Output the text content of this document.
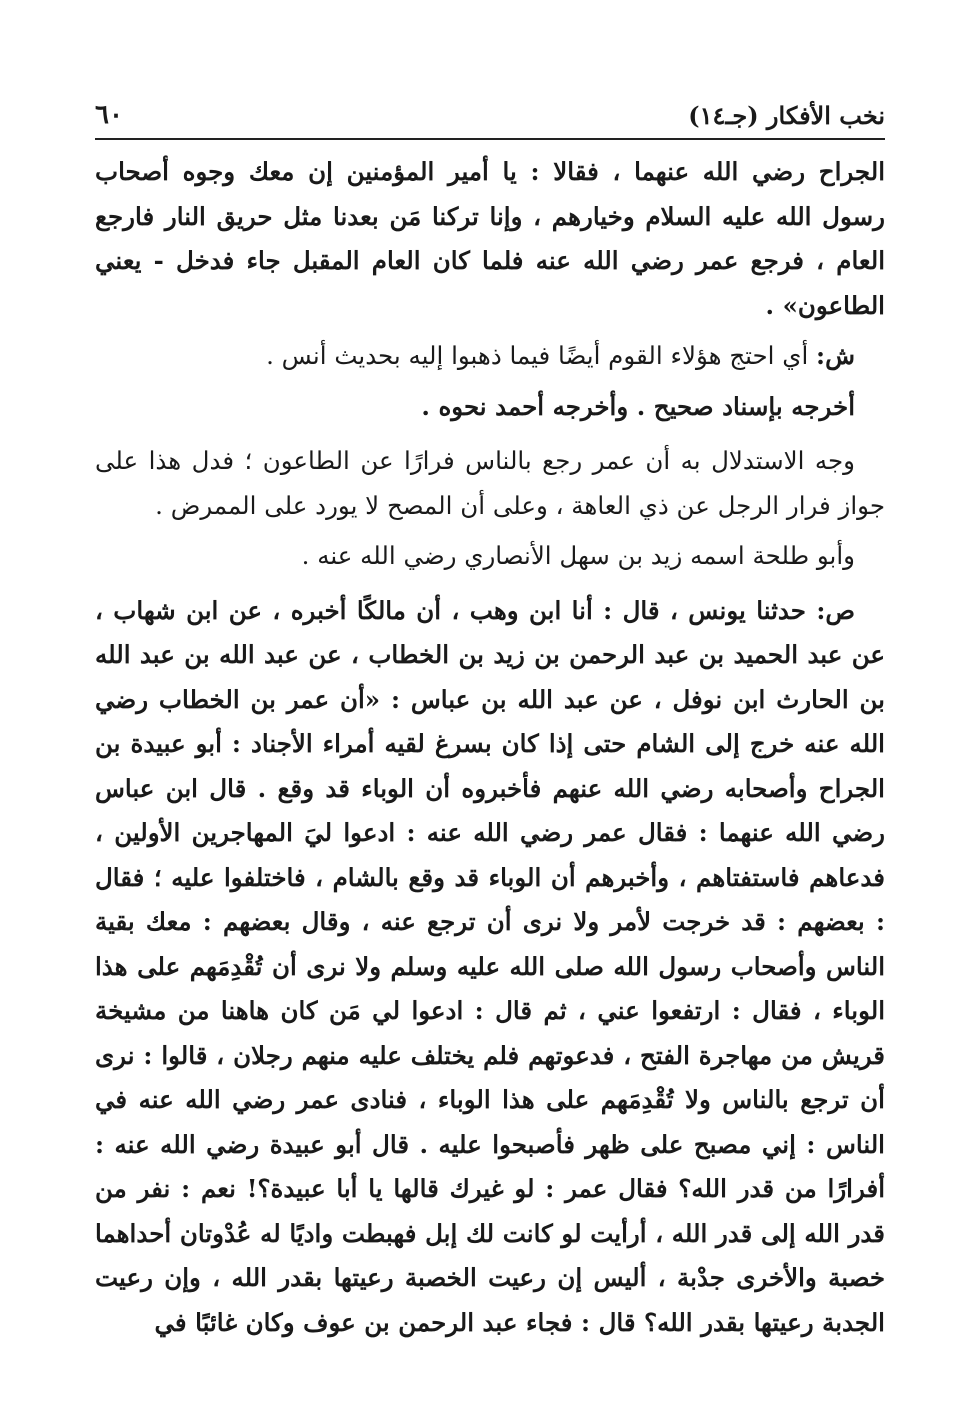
نخب الأفكار (جـ١٤)
٦٠

الجراح رضي الله عنهما ، فقالا : يا أمير المؤمنين إن معك وجوه أصحاب رسول الله عليه السلام وخيارهم ، وإنا تركنا مَن بعدنا مثل حريق النار فارجع العام ، فرجع عمر رضي الله عنه فلما كان العام المقبل جاء فدخل - يعني الطاعون» .

ش: أي احتج هؤلاء القوم أيضًا فيما ذهبوا إليه بحديث أنس .

أخرجه بإسناد صحيح . وأخرجه أحمد نحوه .

وجه الاستدلال به أن عمر رجع بالناس فرارًا عن الطاعون ؛ فدل هذا على جواز فرار الرجل عن ذي العاهة ، وعلى أن المصح لا يورد على الممرض .

وأبو طلحة اسمه زيد بن سهل الأنصاري رضي الله عنه .

ص: حدثنا يونس ، قال : أنا ابن وهب ، أن مالكًا أخبره ، عن ابن شهاب ، عن عبد الحميد بن عبد الرحمن بن زيد بن الخطاب ، عن عبد الله بن عبد الله بن الحارث ابن نوفل ، عن عبد الله بن عباس : «أن عمر بن الخطاب رضي الله عنه خرج إلى الشام حتى إذا كان بسرغ لقيه أمراء الأجناد : أبو عبيدة بن الجراح وأصحابه رضي الله عنهم فأخبروه أن الوباء قد وقع . قال ابن عباس رضي الله عنهما : فقال عمر رضي الله عنه : ادعوا ليَ المهاجرين الأولين ، فدعاهم فاستفتاهم ، وأخبرهم أن الوباء قد وقع بالشام ، فاختلفوا عليه ؛ فقال : بعضهم : قد خرجت لأمر ولا نرى أن ترجع عنه ، وقال بعضهم : معك بقية الناس وأصحاب رسول الله صلى الله عليه وسلم ولا نرى أن تُقْدِمَهم على هذا الوباء ، فقال : ارتفعوا عني ، ثم قال : ادعوا لي مَن كان هاهنا من مشيخة قريش من مهاجرة الفتح ، فدعوتهم فلم يختلف عليه منهم رجلان ، قالوا : نرى أن ترجع بالناس ولا تُقْدِمَهم على هذا الوباء ، فنادى عمر رضي الله عنه في الناس : إني مصبح على ظهر فأصبحوا عليه . قال أبو عبيدة رضي الله عنه : أفرارًا من قدر الله؟ فقال عمر : لو غيرك قالها يا أبا عبيدة؟! نعم : نفر من قدر الله إلى قدر الله ، أرأيت لو كانت لك إبل فهبطت واديًا له عُدْوتان أحداهما خصبة والأخرى جدْبة ، أليس إن رعيت الخصبة رعيتها بقدر الله ، وإن رعيت الجدبة رعيتها بقدر الله؟ قال : فجاء عبد الرحمن بن عوف وكان غائبًا في
